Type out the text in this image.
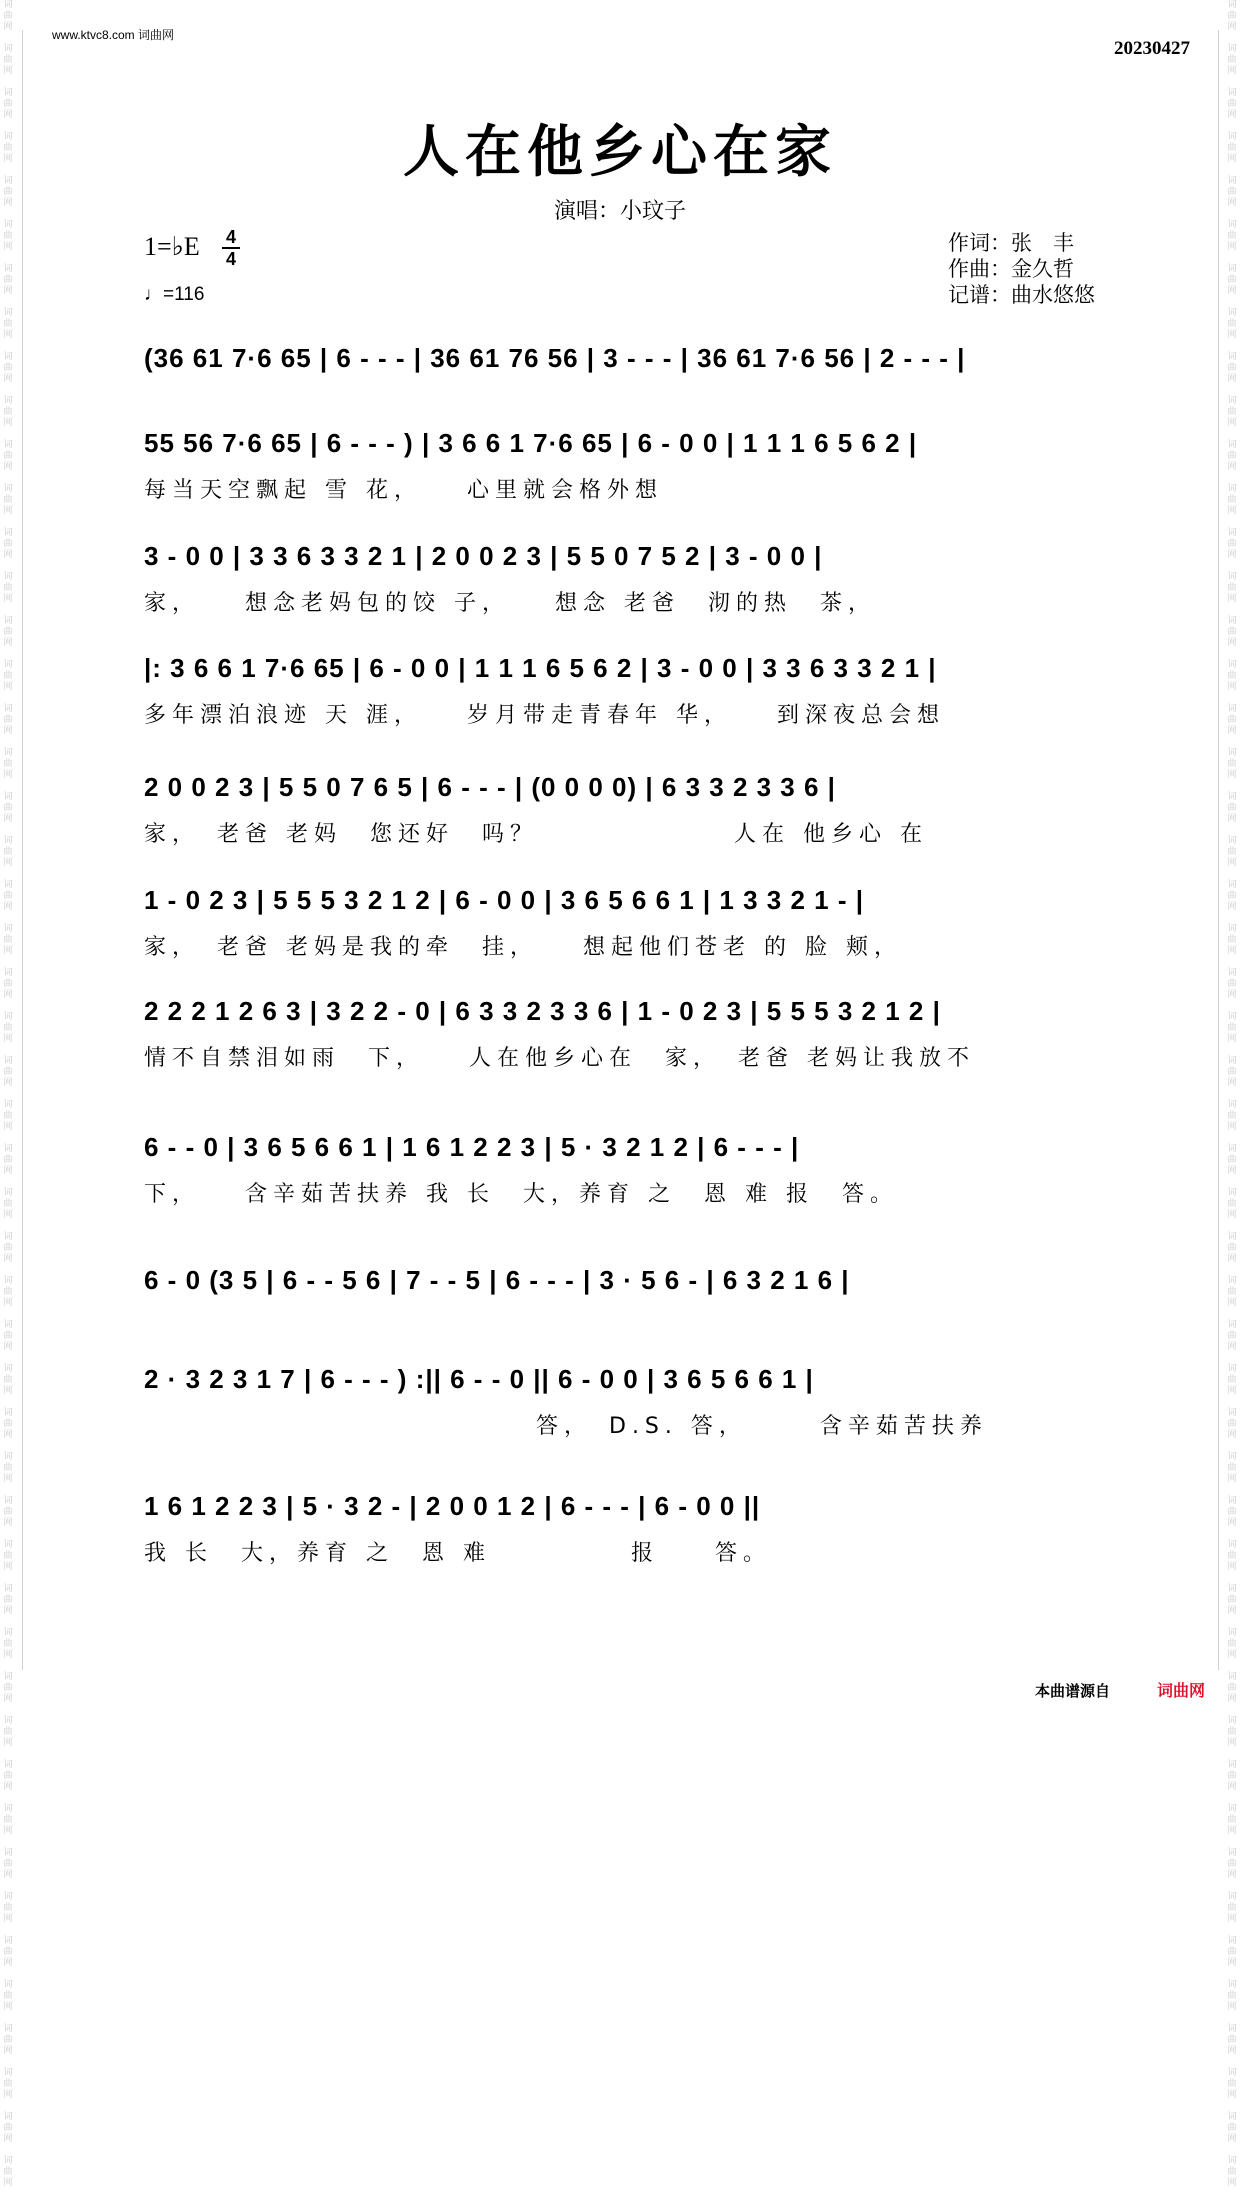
词
曲
网

词
曲
网

词
曲
网

词
曲
网

词
曲
网

词
曲
网

词
曲
网

词
曲
网

词
曲
网

词
曲
网

词
曲
网

词
曲
网

词
曲
网

词
曲
网

词
曲
网

词
曲
网

词
曲
网

词
曲
网

词
曲
网

词
曲
网

词
曲
网

词
曲
网

词
曲
网

词
曲
网

词
曲
网

词
曲
网

词
曲
网

词
曲
网

词
曲
网

词
曲
网

词
曲
网

词
曲
网

词
曲
网

词
曲
网

词
曲
网

词
曲
网

词
曲
网

词
曲
网

词
曲
网

词
曲
网

词
曲
网

词
曲
网

词
曲
网

词
曲
网

词
曲
网

词
曲
网

词
曲
网

词
曲
网

词
曲
网

词
曲
网

词
曲
网

词
曲
网

词
曲
网

词
曲
网

词
曲
网

词
曲
网

词
曲
网

词
曲
网

词
曲
网

词
曲
网

词
曲
网

词
曲
网

词
曲
网

词
曲
网

词
曲
网

词
曲
网

词
曲
网

词
曲
网

词
曲
网

词
曲
网

词
曲
网

词
曲
网

词
曲
网

词
曲
网

词
曲
网

词
曲
网

词
曲
网

词
曲
网

词
曲
网

词
曲
网

词
曲
网

词
曲
网

词
曲
网

词
曲
网

词
曲
网

词
曲
网

词
曲
网

词
曲
网

词
曲
网

词
曲
网

词
曲
网

词
曲
网

词
曲
网

词
曲
网

词
曲
网

词
曲
网

词
曲
网

词
曲
网

词
曲
网

词
曲
网

www.ktvc8.com 词曲网
20230427
人在他乡心在家
演唱：小玟子
1=♭E 4
4
♩=116
作词：张　丰
作曲：金久哲
记谱：曲水悠悠
(36 61 7·6 65 | 6 - - - | 36 61 76 56 | 3 - - - | 36 61 7·6 56 | 2 - - - |
55 56 7·6 65 | 6 - - - ) | 3 6 6 1 7·6 65 | 6 - 0 0 | 1 1 1 6 5 6 2 |
每当天空飘起 雪 花，　　心里就会格外想
3 - 0 0 | 3 3 6 3 3 2 1 | 2 0 0 2 3 | 5 5 0 7 5 2 | 3 - 0 0 |
家，　　想念老妈包的饺 子，　　想念 老爸　沏的热　茶，
|: 3 6 6 1 7·6 65 | 6 - 0 0 | 1 1 1 6 5 6 2 | 3 - 0 0 | 3 3 6 3 3 2 1 |
多年漂泊浪迹 天 涯，　　岁月带走青春年 华，　　到深夜总会想
2 0 0 2 3 | 5 5 0 7 6 5 | 6 - - - | (0 0 0 0) | 6 3 3 2 3 3 6 |
家，　老爸 老妈　您还好　吗？　　　　　　　人在 他乡心 在
1 - 0 2 3 | 5 5 5 3 2 1 2 | 6 - 0 0 | 3 6 5 6 6 1 | 1 3 3 2 1 - |
家，　老爸 老妈是我的牵　挂，　　想起他们苍老 的 脸 颊，
2 2 2 1 2 6 3 | 3 2 2 - 0 | 6 3 3 2 3 3 6 | 1 - 0 2 3 | 5 5 5 3 2 1 2 |
情不自禁泪如雨　下，　　人在他乡心在　家，　老爸 老妈让我放不
6 - - 0 | 3 6 5 6 6 1 | 1 6 1 2 2 3 | 5 · 3 2 1 2 | 6 - - - |
下，　　含辛茹苦扶养 我 长　大，养育 之　恩 难 报　答。
6 - 0 (3 5 | 6 - - 5 6 | 7 - - 5 | 6 - - - | 3 · 5 6 - | 6 3 2 1 6 |
2 · 3 2 3 1 7 | 6 - - - ) :|| 6 - - 0 || 6 - 0 0 | 3 6 5 6 6 1 |
　　　　　　　　　　　　　　答，　D.S. 答，　　　含辛茹苦扶养
1 6 1 2 2 3 | 5 · 3 2 - | 2 0 0 1 2 | 6 - - - | 6 - 0 0 ||
我 长　大，养育 之　恩 难　　　　　报　　答。
本曲谱源自	词曲网
